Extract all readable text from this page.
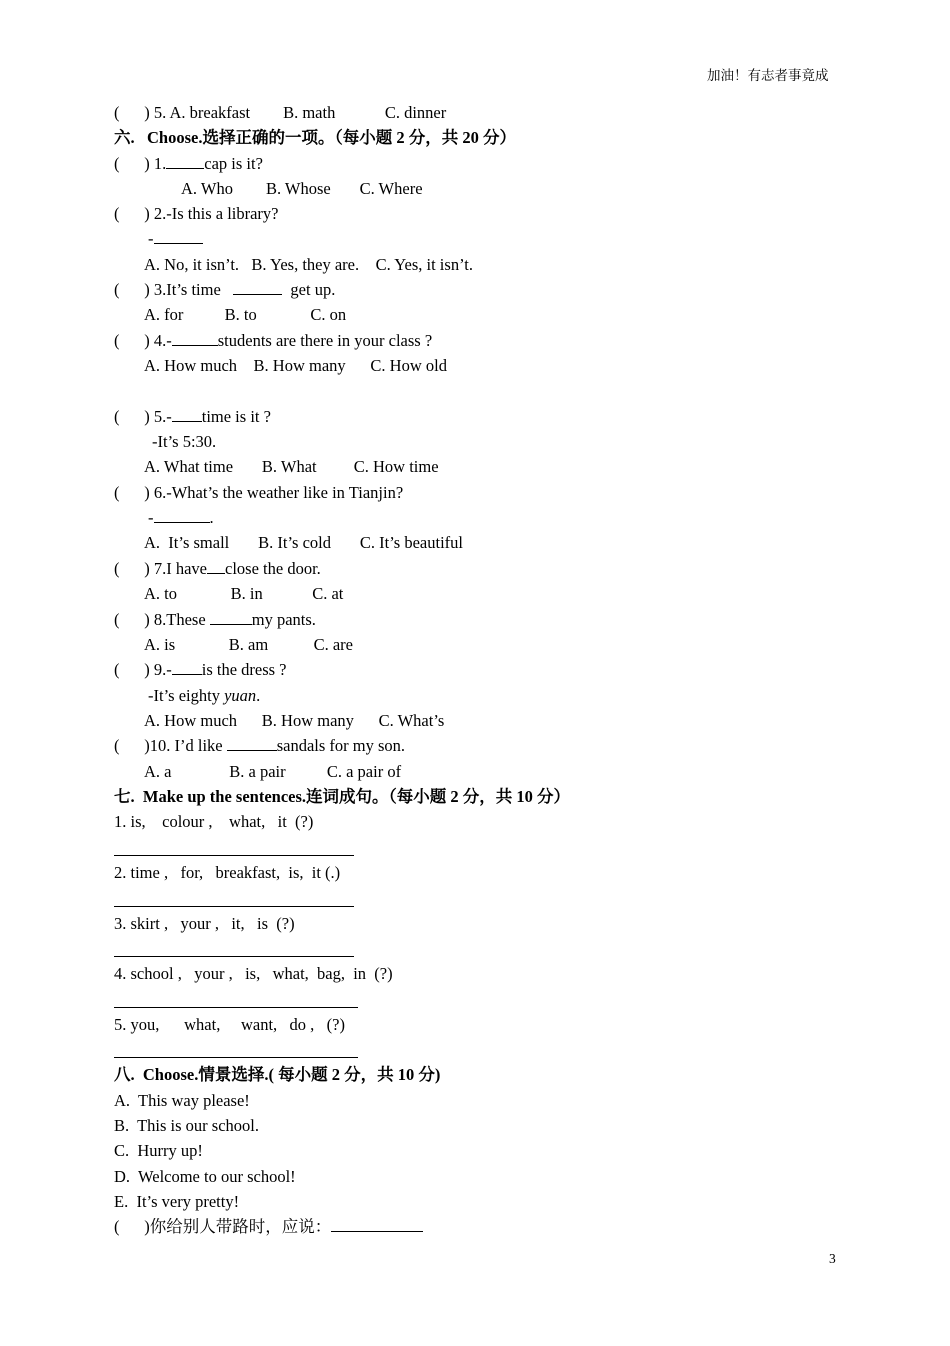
加油！有志者事竟成
(      ) 5. A. breakfast        B. math            C. dinner
六.   Choose.选择正确的一项。（每小题 2 分，共 20 分）
(      ) 1. cap is it?
A. Who        B. Whose       C. Where
(      ) 2.-Is this a library?
-
A. No, it isn’t.   B. Yes, they are.    C. Yes, it isn’t.
(      ) 3.It’s time	get up.
A. for          B. to             C. on
(      ) 4.-	students are there in your class ?
A. How much    B. How many      C. How old
(      ) 5.- time is it ?
-It’s 5:30.
A. What time       B. What         C. How time
(      ) 6.-What’s the weather like in Tianjin?
-	.
A.  It’s small       B. It’s cold       C. It’s beautiful
(      ) 7.I have close the door.
A. to             B. in            C. at
(      ) 8.These	my pants.
A. is             B. am           C. are
(      ) 9.- is the dress ?
-It’s eighty yuan.
A. How much      B. How many      C. What’s
(      )10. I’d like	sandals for my son.
A. a              B. a pair          C. a pair of
七.  Make up the sentences.连词成句。（每小题 2 分，共 10 分）
1. is,    colour ,    what,   it  (?)
2. time ,   for,   breakfast,  is,  it (.)
3. skirt ,   your ,   it,   is  (?)
4. school ,   your ,   is,   what,  bag,  in  (?)
5. you,      what,     want,   do ,   (?)
八.  Choose.情景选择.( 每小题 2 分，共 10 分)
A.  This way please!
B.  This is our school.
C.  Hurry up!
D.  Welcome to our school!
E.  It’s very pretty!
(      )你给别人带路时，应说：
3
